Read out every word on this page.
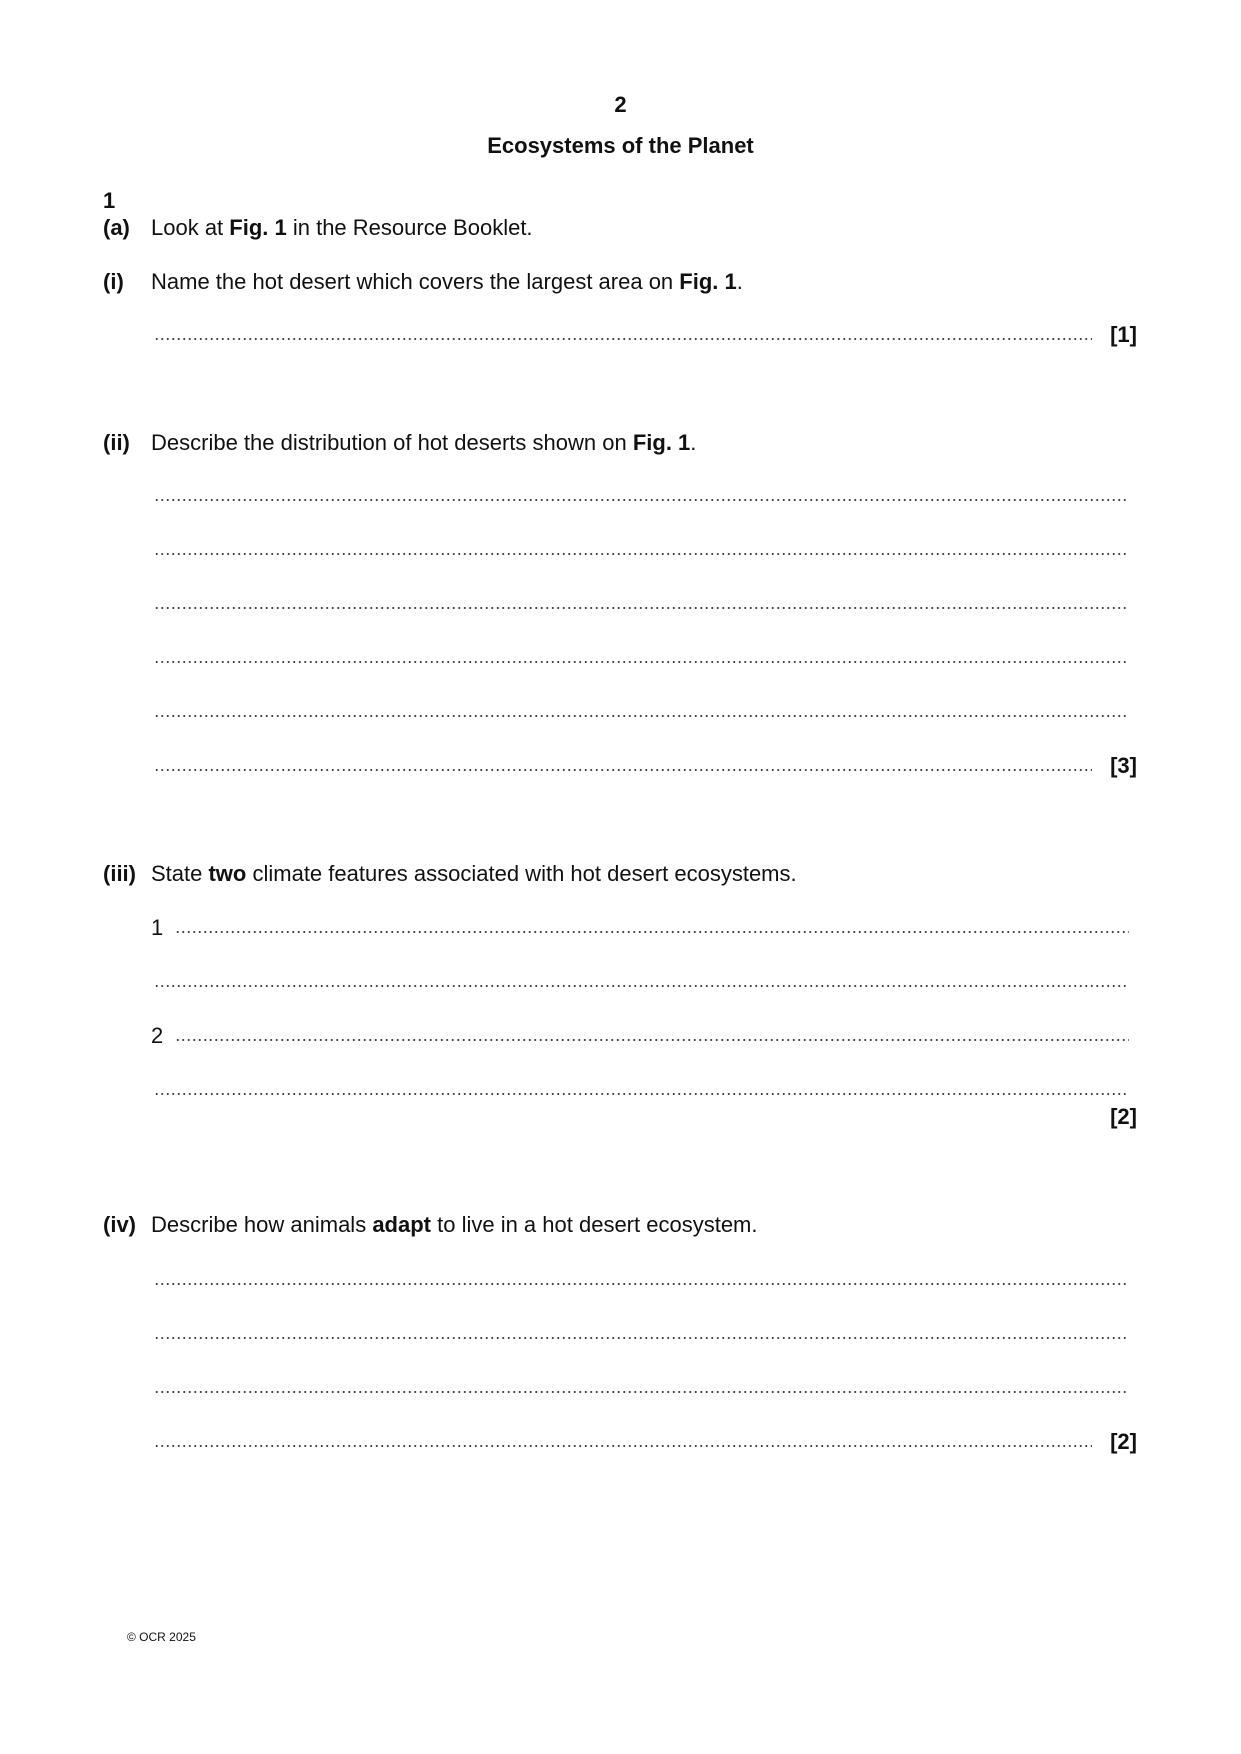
2
Ecosystems of the Planet
1
(a) Look at Fig. 1 in the Resource Booklet.
(i) Name the hot desert which covers the largest area on Fig. 1.
[1]
(ii) Describe the distribution of hot deserts shown on Fig. 1.
[3]
(iii) State two climate features associated with hot desert ecosystems.
1
2
[2]
(iv) Describe how animals adapt to live in a hot desert ecosystem.
[2]
© OCR 2025
